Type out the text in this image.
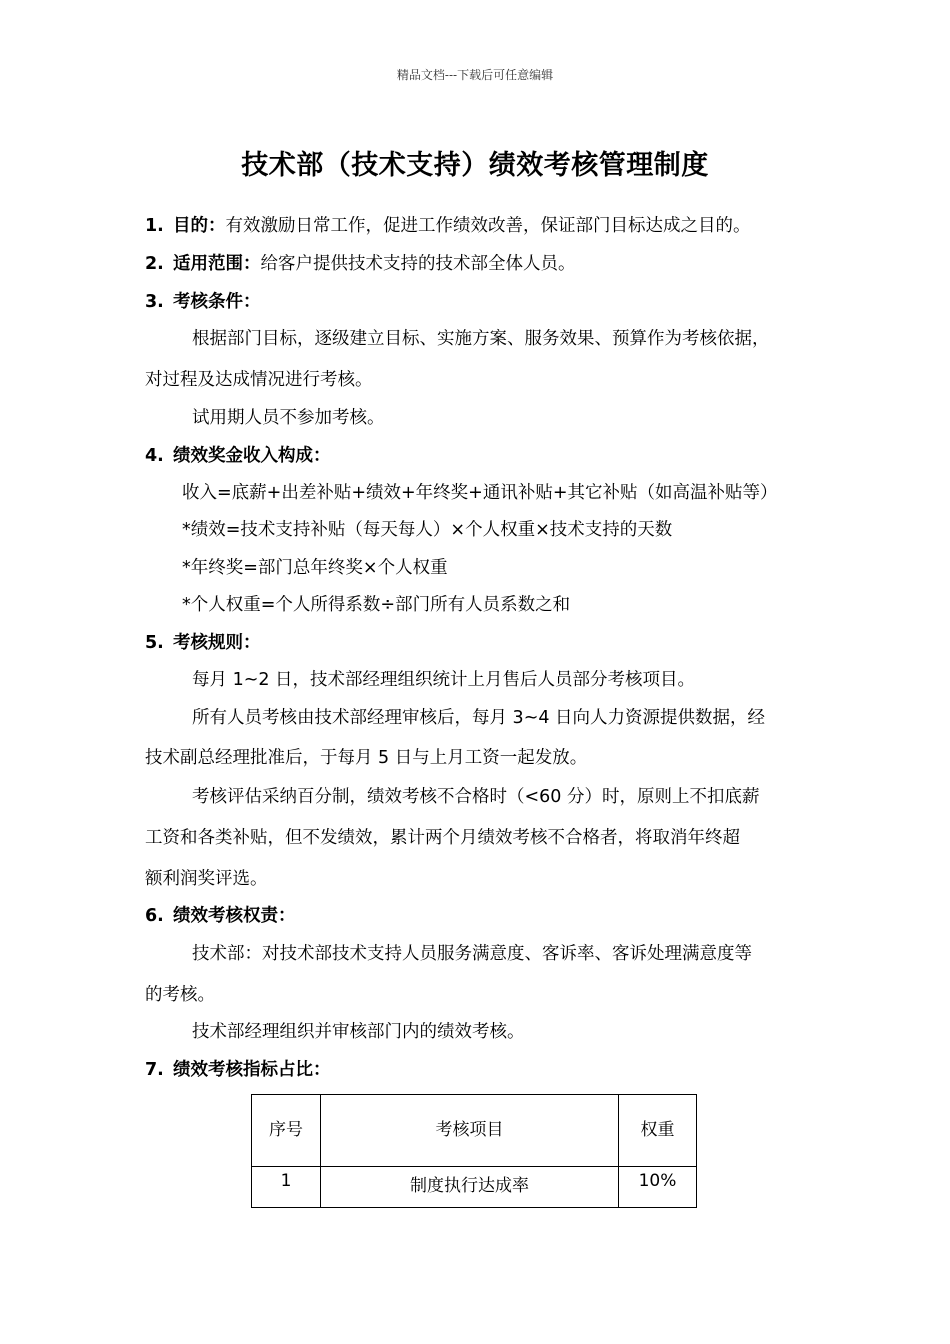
精品文档---下载后可任意编辑
技术部（技术支持）绩效考核管理制度
1. 目的：有效激励日常工作，促进工作绩效改善，保证部门目标达成之目的。
2. 适用范围：给客户提供技术支持的技术部全体人员。
3. 考核条件：
根据部门目标，逐级建立目标、实施方案、服务效果、预算作为考核依据，
对过程及达成情况进行考核。
试用期人员不参加考核。
4. 绩效奖金收入构成：
收入=底薪+出差补贴+绩效+年终奖+通讯补贴+其它补贴（如高温补贴等）
*绩效=技术支持补贴（每天每人）×个人权重×技术支持的天数
*年终奖=部门总年终奖×个人权重
*个人权重=个人所得系数÷部门所有人员系数之和
5. 考核规则：
每月 1~2 日，技术部经理组织统计上月售后人员部分考核项目。
所有人员考核由技术部经理审核后，每月 3~4 日向人力资源提供数据，经
技术副总经理批准后，于每月 5 日与上月工资一起发放。
考核评估采纳百分制，绩效考核不合格时（<60 分）时，原则上不扣底薪
工资和各类补贴，但不发绩效，累计两个月绩效考核不合格者，将取消年终超
额利润奖评选。
6. 绩效考核权责：
技术部：对技术部技术支持人员服务满意度、客诉率、客诉处理满意度等
的考核。
技术部经理组织并审核部门内的绩效考核。
7. 绩效考核指标占比：
序号	考核项目	权重
1	制度执行达成率	10%
